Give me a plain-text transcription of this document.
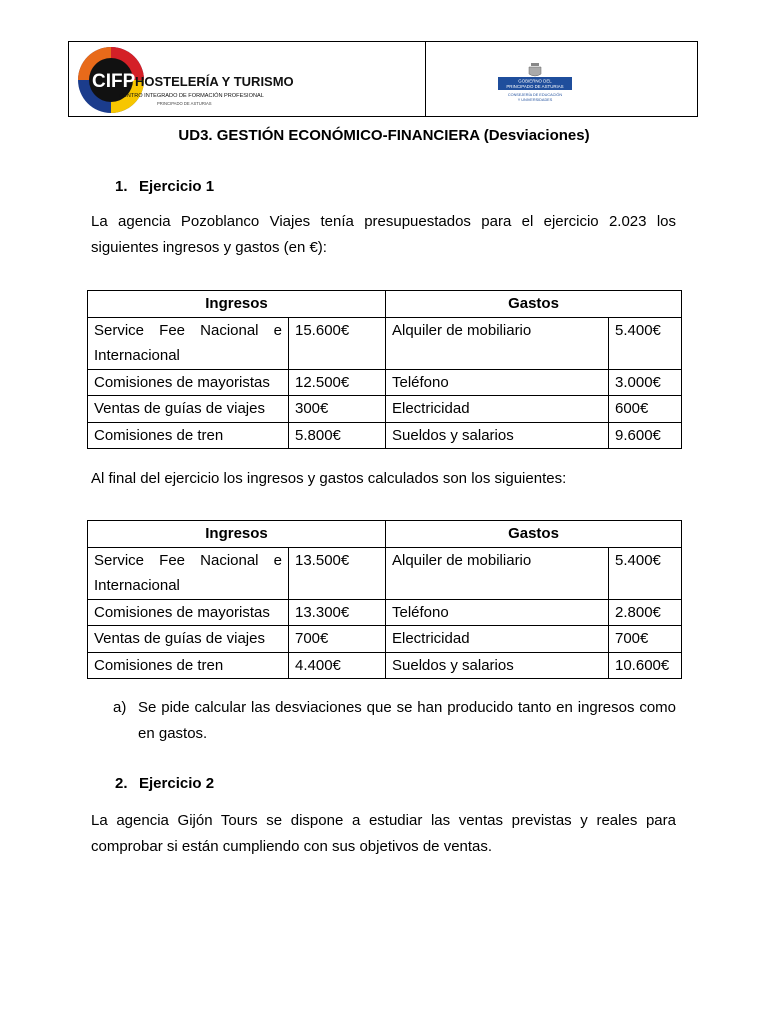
CIFP HOSTELERÍA Y TURISMO
CENTRO INTEGRADO DE FORMACIÓN PROFESIONAL
PRINCIPADO DE ASTURIAS
GOBIERNO DEL
PRINCIPADO DE ASTURIAS
CONSEJERÍA DE EDUCACIÓN
Y UNIVERSIDADES
UD3. GESTIÓN ECONÓMICO-FINANCIERA (Desviaciones)
1. Ejercicio 1
La agencia Pozoblanco Viajes tenía presupuestados para el ejercicio 2.023 los siguientes ingresos y gastos (en €):
Ingresos		Gastos	
Service Fee Nacional e Internacional	15.600€	Alquiler de mobiliario	5.400€
Comisiones de mayoristas	12.500€	Teléfono	3.000€
Ventas de guías de viajes	300€	Electricidad	600€
Comisiones de tren	5.800€	Sueldos y salarios	9.600€
Al final del ejercicio los ingresos y gastos calculados son los siguientes:
Ingresos		Gastos	
Service Fee Nacional e Internacional	13.500€	Alquiler de mobiliario	5.400€
Comisiones de mayoristas	13.300€	Teléfono	2.800€
Ventas de guías de viajes	700€	Electricidad	700€
Comisiones de tren	4.400€	Sueldos y salarios	10.600€
a) Se pide calcular las desviaciones que se han producido tanto en ingresos como en gastos.
2. Ejercicio 2
La agencia Gijón Tours se dispone a estudiar las ventas previstas y reales para comprobar si están cumpliendo con sus objetivos de ventas.
